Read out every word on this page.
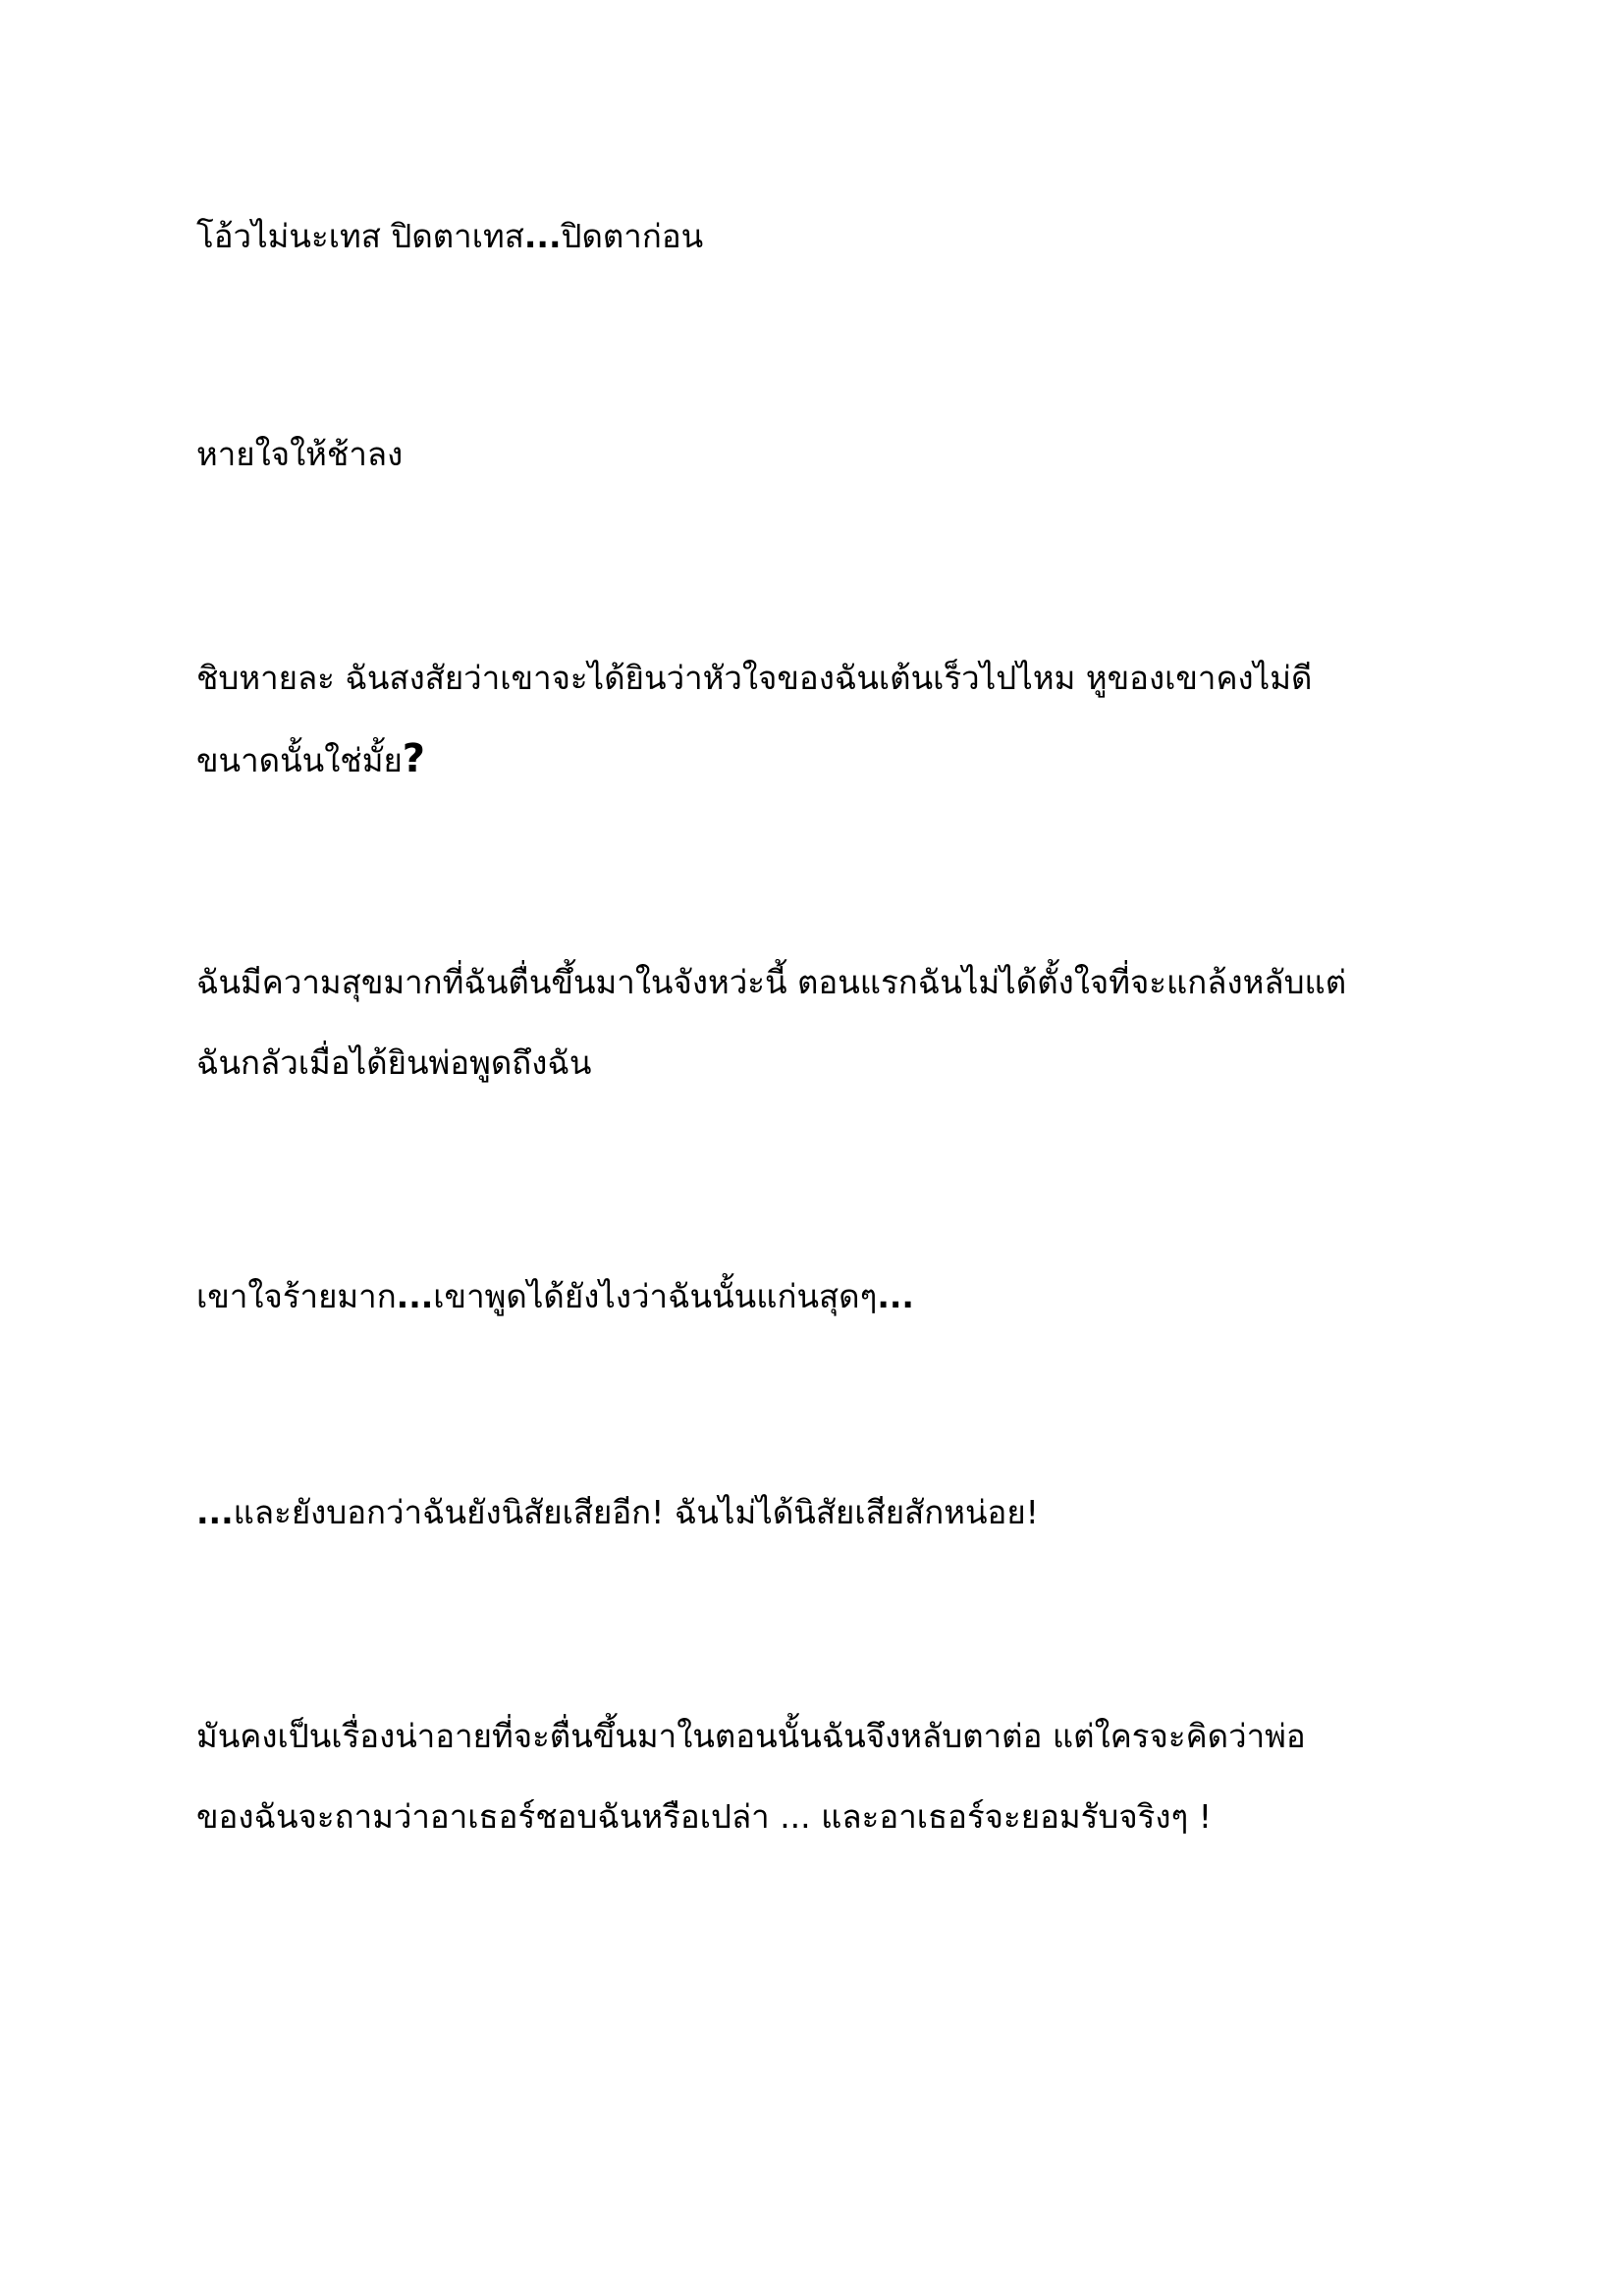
โอ้วไม่นะเทส ปิดตาเทส...ปิดตาก่อน

หายใจให้ช้าลง

ชิบหายละ ฉันสงสัยว่าเขาจะได้ยินว่าหัวใจของฉันเต้นเร็วไปไหม หูของเขาคงไม่ดี
ขนาดนั้นใช่มั้ย?

ฉันมีความสุขมากที่ฉันตื่นขึ้นมาในจังหว่ะนี้ ตอนแรกฉันไม่ได้ตั้งใจที่จะแกล้งหลับแต่
ฉันกลัวเมื่อได้ยินพ่อพูดถึงฉัน

เขาใจร้ายมาก...เขาพูดได้ยังไงว่าฉันนั้นแก่นสุดๆ...

...และยังบอกว่าฉันยังนิสัยเสียอีก! ฉันไม่ได้นิสัยเสียสักหน่อย!

มันคงเป็นเรื่องน่าอายที่จะตื่นขึ้นมาในตอนนั้นฉันจึงหลับตาต่อ แต่ใครจะคิดว่าพ่อ
ของฉันจะถามว่าอาเธอร์ชอบฉันหรือเปล่า ... และอาเธอร์จะยอมรับจริงๆ !
